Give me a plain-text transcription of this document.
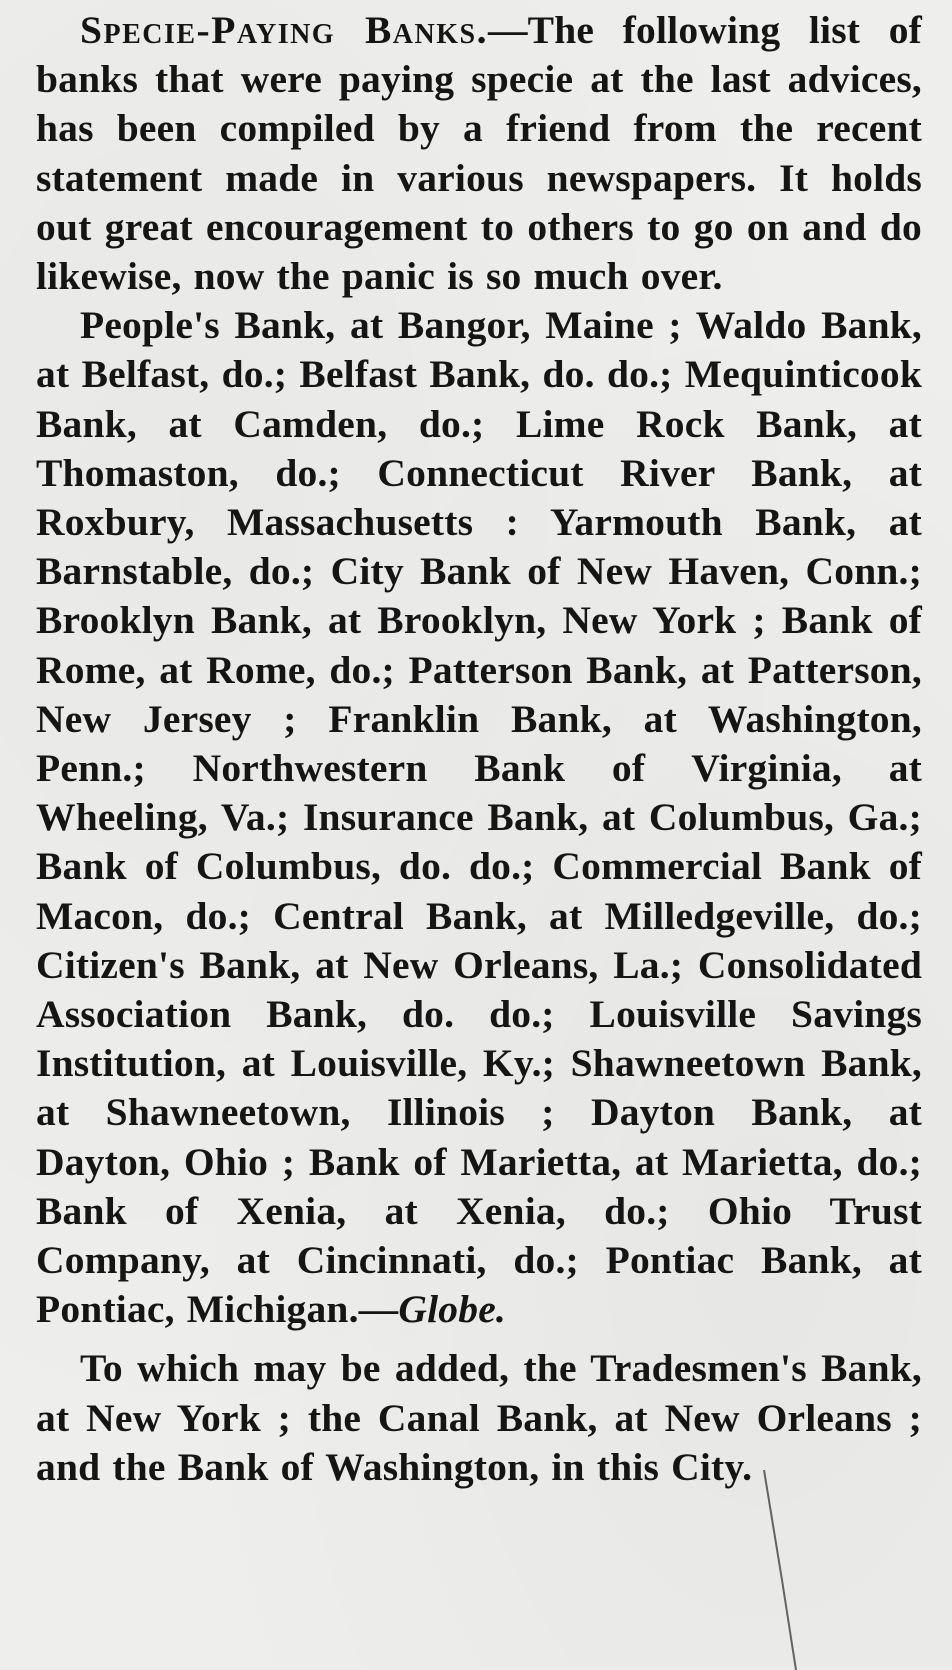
Specie-Paying Banks.—The following list of banks that were paying specie at the last advices, has been compiled by a friend from the recent statement made in various newspapers. It holds out great encouragement to others to go on and do likewise, now the panic is so much over.

People's Bank, at Bangor, Maine ; Waldo Bank, at Belfast, do.; Belfast Bank, do. do.; Mequinticook Bank, at Camden, do.; Lime Rock Bank, at Thomaston, do.; Connecticut River Bank, at Roxbury, Massachusetts : Yarmouth Bank, at Barnstable, do.; City Bank of New Haven, Conn.; Brooklyn Bank, at Brooklyn, New York ; Bank of Rome, at Rome, do.; Patterson Bank, at Patterson, New Jersey ; Franklin Bank, at Washington, Penn.; Northwestern Bank of Virginia, at Wheeling, Va.; Insurance Bank, at Columbus, Ga.; Bank of Columbus, do. do.; Commercial Bank of Macon, do.; Central Bank, at Milledgeville, do.; Citizen's Bank, at New Orleans, La.; Consolidated Association Bank, do. do.; Louisville Savings Institution, at Louisville, Ky.; Shawneetown Bank, at Shawneetown, Illinois ; Dayton Bank, at Dayton, Ohio ; Bank of Marietta, at Marietta, do.; Bank of Xenia, at Xenia, do.; Ohio Trust Company, at Cincinnati, do.; Pontiac Bank, at Pontiac, Michigan.—Globe.

To which may be added, the Tradesmen's Bank, at New York ; the Canal Bank, at New Orleans ; and the Bank of Washington, in this City.
